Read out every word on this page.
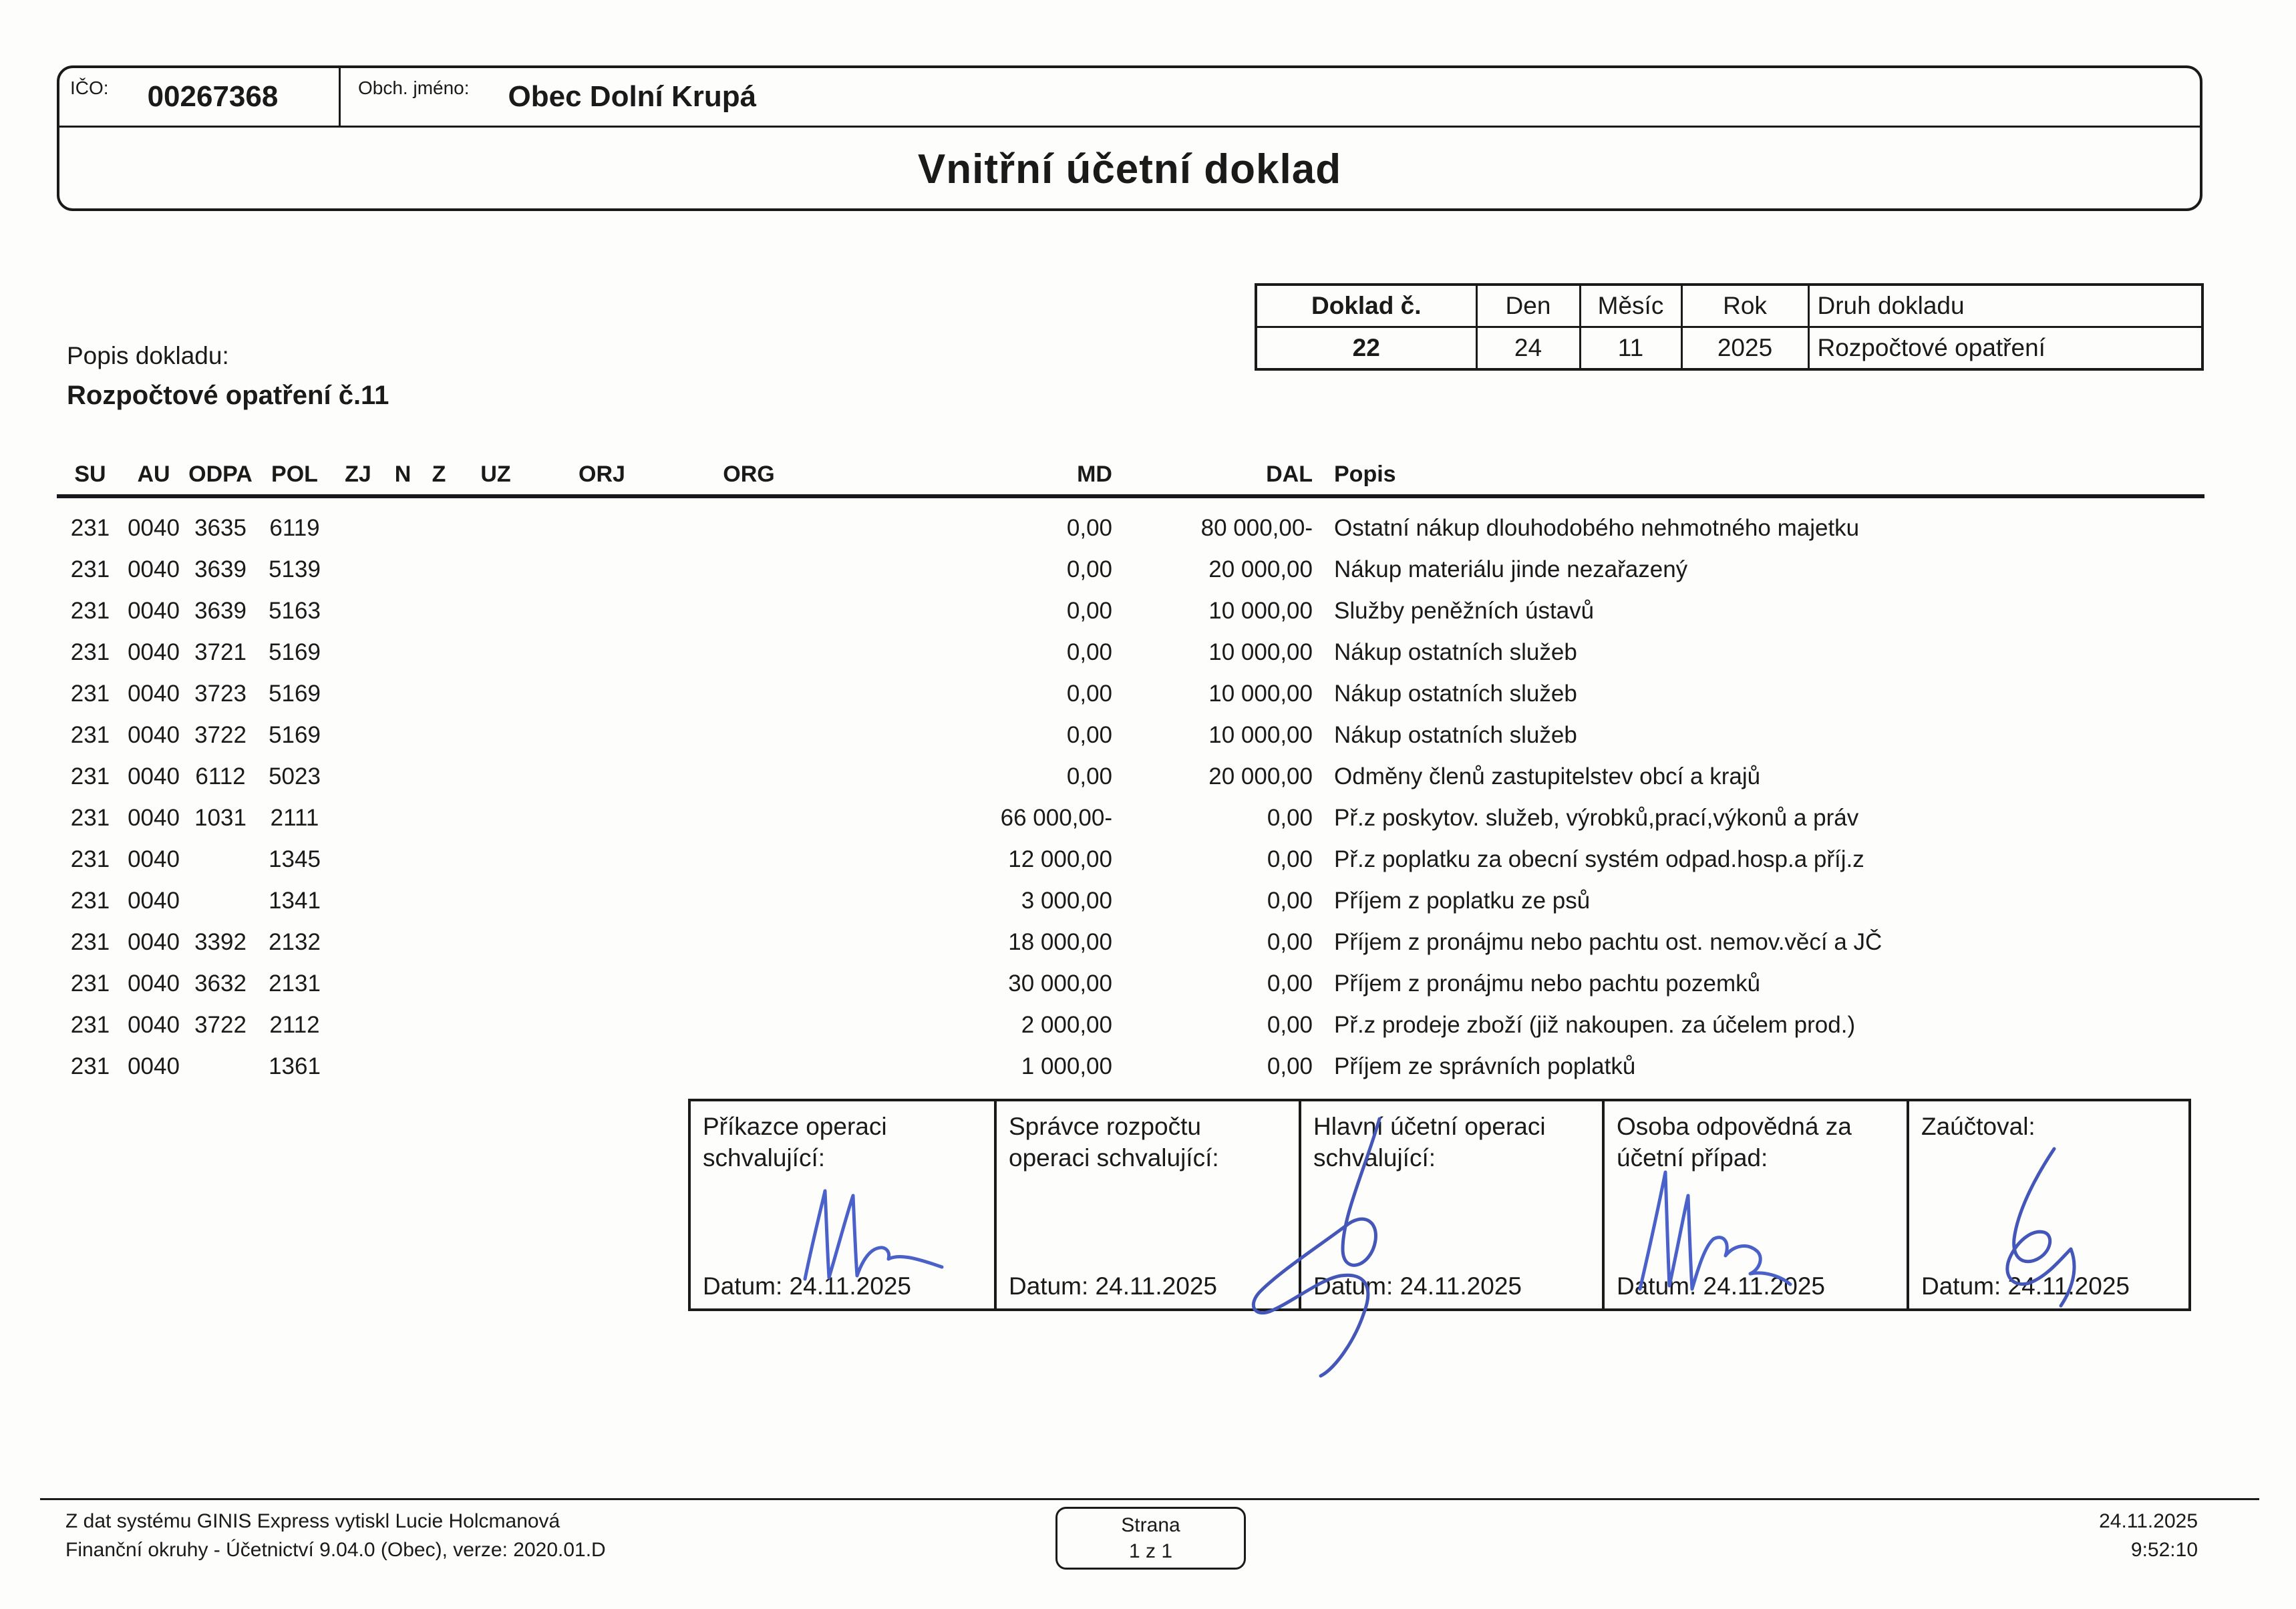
IČO: 00267368	Obch. jméno: Obec Dolní Krupá
Vnitřní účetní doklad
Doklad č.	Den	Měsíc	Rok	Druh dokladu
22	24	11	2025	Rozpočtové opatření
Popis dokladu:
Rozpočtové opatření č.11
SU	AU	ODPA	POL	ZJ	N	Z	UZ	ORJ	ORG	MD	DAL	Popis
231	0040	3635	6119							0,00	80 000,00-	Ostatní nákup dlouhodobého nehmotného majetku
231	0040	3639	5139							0,00	20 000,00	Nákup materiálu jinde nezařazený
231	0040	3639	5163							0,00	10 000,00	Služby peněžních ústavů
231	0040	3721	5169							0,00	10 000,00	Nákup ostatních služeb
231	0040	3723	5169							0,00	10 000,00	Nákup ostatních služeb
231	0040	3722	5169							0,00	10 000,00	Nákup ostatních služeb
231	0040	6112	5023							0,00	20 000,00	Odměny členů zastupitelstev obcí a krajů
231	0040	1031	2111							66 000,00-	0,00	Př.z poskytov. služeb, výrobků,prací,výkonů a práv
231	0040		1345							12 000,00	0,00	Př.z poplatku za obecní systém odpad.hosp.a příj.z
231	0040		1341							3 000,00	0,00	Příjem z poplatku ze psů
231	0040	3392	2132							18 000,00	0,00	Příjem z pronájmu nebo pachtu ost. nemov.věcí a JČ
231	0040	3632	2131							30 000,00	0,00	Příjem z pronájmu nebo pachtu pozemků
231	0040	3722	2112							2 000,00	0,00	Př.z prodeje zboží (již nakoupen. za účelem prod.)
231	0040		1361							1 000,00	0,00	Příjem ze správních poplatků
Příkazce operaci schvalující:
Datum: 24.11.2025
Správce rozpočtu operaci schvalující:
Datum: 24.11.2025
Hlavní účetní operaci schvalující:
Datum: 24.11.2025
Osoba odpovědná za účetní případ:
Datum: 24.11.2025
Zaúčtoval:
Datum: 24.11.2025
Z dat systému GINIS Express vytiskl Lucie Holcmanová
Finanční okruhy - Účetnictví 9.04.0 (Obec), verze: 2020.01.D
Strana
1 z 1
24.11.2025
9:52:10
